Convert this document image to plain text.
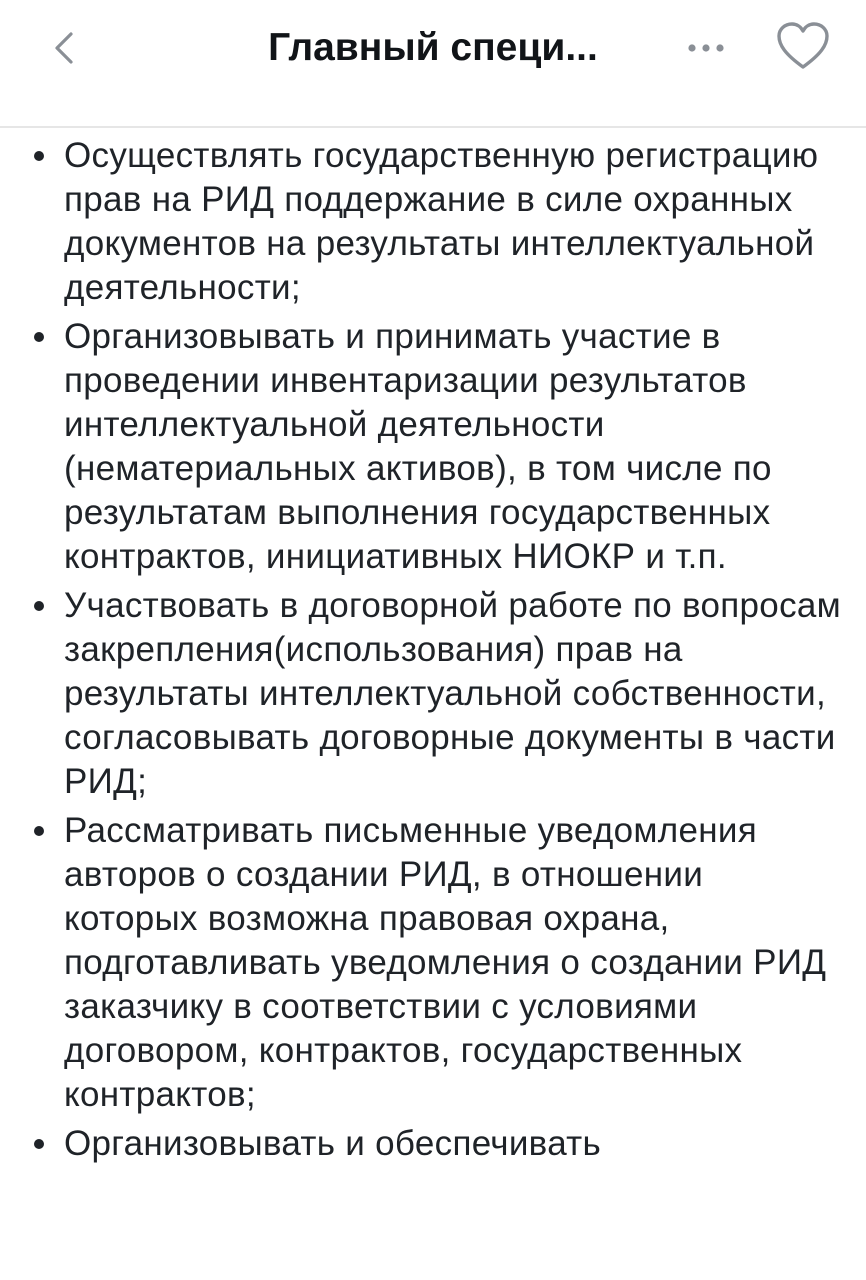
Главный специ...
Осуществлять государственную регистрацию прав на РИД поддержание в силе охранных документов на результаты интеллектуальной деятельности;
Организовывать и принимать участие в проведении инвентаризации результатов интеллектуальной деятельности (нематериальных активов), в том числе по результатам выполнения государственных контрактов, инициативных НИОКР и т.п.
Участвовать в договорной работе по вопросам закрепления(использования) прав на результаты интеллектуальной собственности, согласовывать договорные документы в части РИД;
Рассматривать письменные уведомления авторов о создании РИД, в отношении которых возможна правовая охрана, подготавливать уведомления о создании РИД заказчику в соответствии с условиями договором, контрактов, государственных контрактов;
Организовывать и обеспечивать
